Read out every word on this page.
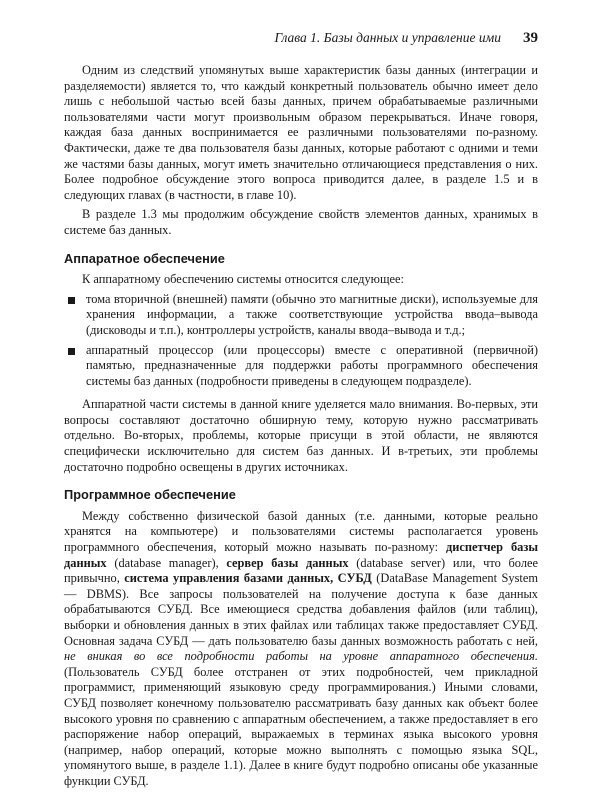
Глава 1. Базы данных и управление ими 39

Одним из следствий упомянутых выше характеристик базы данных (интеграции и разделяемости) является то, что каждый конкретный пользователь обычно имеет дело лишь с небольшой частью всей базы данных, причем обрабатываемые различными пользователями части могут произвольным образом перекрываться. Иначе говоря, каждая база данных воспринимается ее различными пользователями по-разному. Фактически, даже те два пользователя базы данных, которые работают с одними и теми же частями базы данных, могут иметь значительно отличающиеся представления о них. Более подробное обсуждение этого вопроса приводится далее, в разделе 1.5 и в следующих главах (в частности, в главе 10).

В разделе 1.3 мы продолжим обсуждение свойств элементов данных, хранимых в системе баз данных.

Аппаратное обеспечение

К аппаратному обеспечению системы относится следующее:

тома вторичной (внешней) памяти (обычно это магнитные диски), используемые для хранения информации, а также соответствующие устройства ввода–вывода (дисководы и т.п.), контроллеры устройств, каналы ввода–вывода и т.д.;
аппаратный процессор (или процессоры) вместе с оперативной (первичной) памятью, предназначенные для поддержки работы программного обеспечения системы баз данных (подробности приведены в следующем подразделе).

Аппаратной части системы в данной книге уделяется мало внимания. Во-первых, эти вопросы составляют достаточно обширную тему, которую нужно рассматривать отдельно. Во-вторых, проблемы, которые присущи в этой области, не являются специфически исключительно для систем баз данных. И в-третьих, эти проблемы достаточно подробно освещены в других источниках.

Программное обеспечение

Между собственно физической базой данных (т.е. данными, которые реально хранятся на компьютере) и пользователями системы располагается уровень программного обеспечения, который можно называть по-разному: диспетчер базы данных (database manager), сервер базы данных (database server) или, что более привычно, система управления базами данных, СУБД (DataBase Management System — DBMS). Все запросы пользователей на получение доступа к базе данных обрабатываются СУБД. Все имеющиеся средства добавления файлов (или таблиц), выборки и обновления данных в этих файлах или таблицах также предоставляет СУБД. Основная задача СУБД — дать пользователю базы данных возможность работать с ней, не вникая во все подробности работы на уровне аппаратного обеспечения. (Пользователь СУБД более отстранен от этих подробностей, чем прикладной программист, применяющий языковую среду программирования.) Иными словами, СУБД позволяет конечному пользователю рассматривать базу данных как объект более высокого уровня по сравнению с аппаратным обеспечением, а также предоставляет в его распоряжение набор операций, выражаемых в терминах языка высокого уровня (например, набор операций, которые можно выполнять с помощью языка SQL, упомянутого выше, в разделе 1.1). Далее в книге будут подробно описаны обе указанные функции СУБД.
